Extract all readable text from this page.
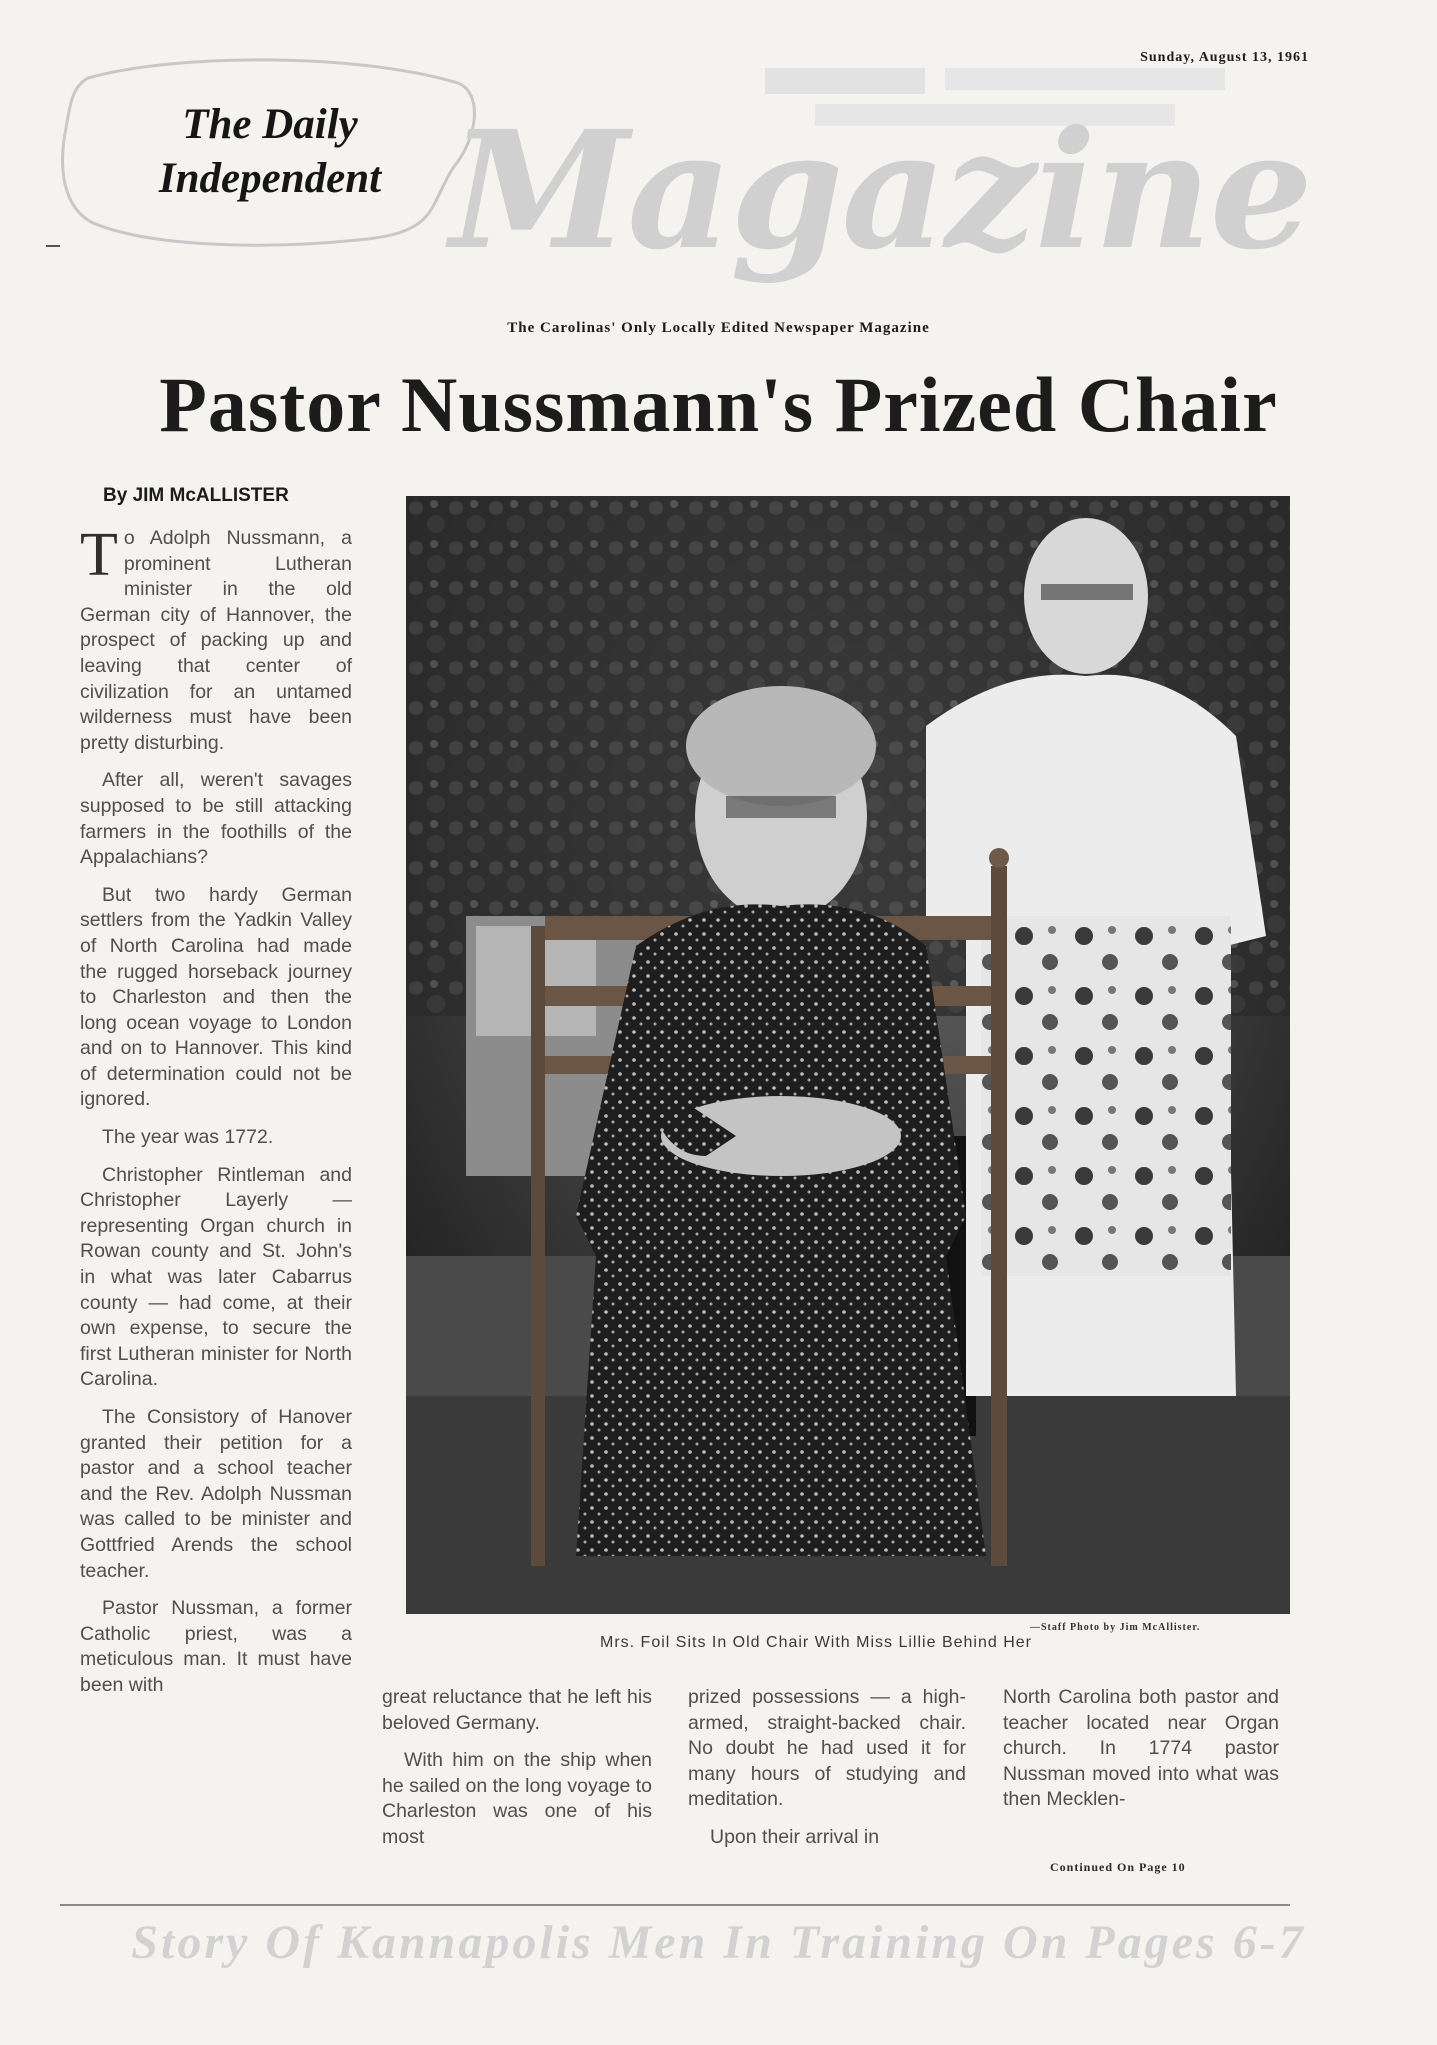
Sunday, August 13, 1961
The Daily
Independent Magazine
The Carolinas' Only Locally Edited Newspaper Magazine
Pastor Nussmann's Prized Chair
By JIM McALLISTER

To Adolph Nussmann, a prominent Lutheran minister in the old German city of Hannover, the prospect of packing up and leaving that center of civilization for an untamed wilderness must have been pretty disturbing.

After all, weren't savages supposed to be still attacking farmers in the foothills of the Appalachians?

But two hardy German settlers from the Yadkin Valley of North Carolina had made the rugged horseback journey to Charleston and then the long ocean voyage to London and on to Hannover. This kind of determination could not be ignored.

The year was 1772.

Christopher Rintleman and Christopher Layerly — representing Organ church in Rowan county and St. John's in what was later Cabarrus county — had come, at their own expense, to secure the first Lutheran minister for North Carolina.

The Consistory of Hanover granted their petition for a pastor and a school teacher and the Rev. Adolph Nussman was called to be minister and Gottfried Arends the school teacher.

Pastor Nussman, a former Catholic priest, was a meticulous man. It must have been with

—Staff Photo by Jim McAllister.
Mrs. Foil Sits In Old Chair With Miss Lillie Behind Her

great reluctance that he left his beloved Germany.

With him on the ship when he sailed on the long voyage to Charleston was one of his most

prized possessions — a high-armed, straight-backed chair. No doubt he had used it for many hours of studying and meditation.

Upon their arrival in

North Carolina both pastor and teacher located near Organ church. In 1774 pastor Nussman moved into what was then Mecklen-

Continued On Page 10
Story Of Kannapolis Men In Training On Pages 6-7
